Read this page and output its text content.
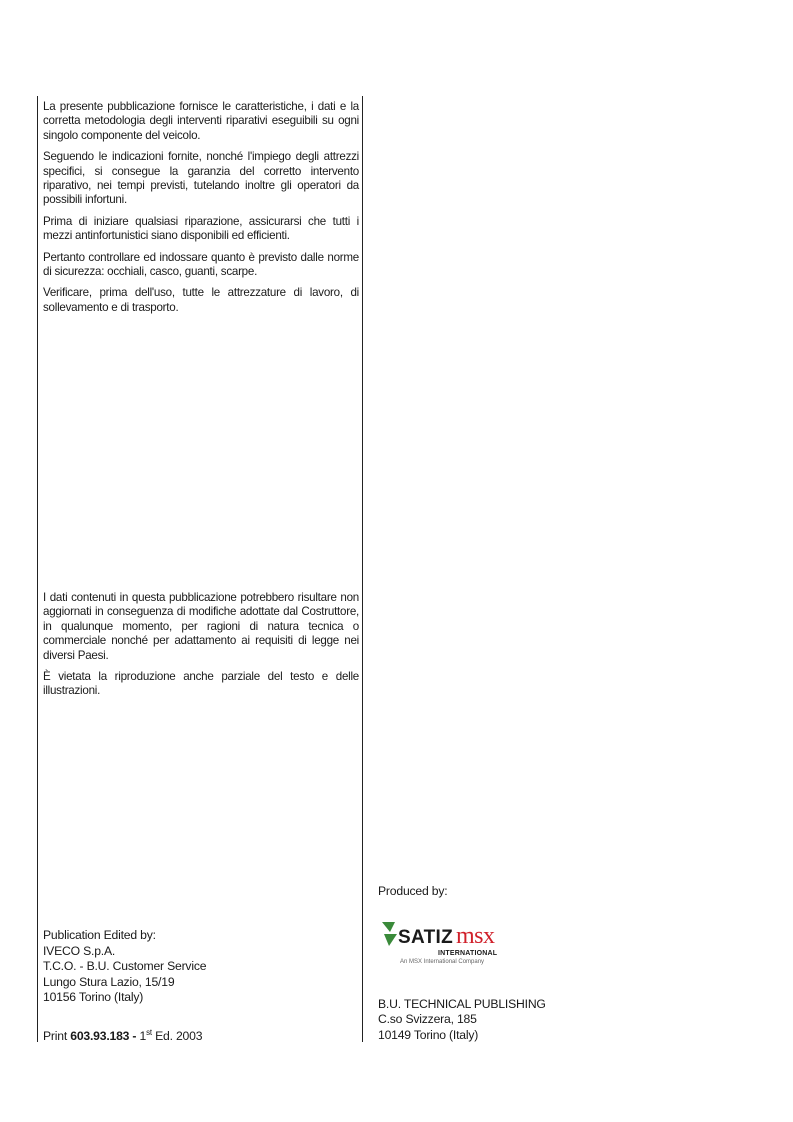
La presente pubblicazione fornisce le caratteristiche, i dati e la corretta metodologia degli interventi riparativi eseguibili su ogni singolo componente del veicolo.

Seguendo le indicazioni fornite, nonché l'impiego degli attrezzi specifici, si consegue la garanzia del corretto intervento riparativo, nei tempi previsti, tutelando inoltre gli operatori da possibili infortuni.

Prima di iniziare qualsiasi riparazione, assicurarsi che tutti i mezzi antinfortunistici siano disponibili ed efficienti.

Pertanto controllare ed indossare quanto è previsto dalle norme di sicurezza: occhiali, casco, guanti, scarpe.

Verificare, prima dell'uso, tutte le attrezzature di lavoro, di sollevamento e di trasporto.

I dati contenuti in questa pubblicazione potrebbero risultare non aggiornati in conseguenza di modifiche adottate dal Costruttore, in qualunque momento, per ragioni di natura tecnica o commerciale nonché per adattamento ai requisiti di legge nei diversi Paesi.

È vietata la riproduzione anche parziale del testo e delle illustrazioni.

Publication Edited by:
IVECO S.p.A.
T.C.O. - B.U. Customer Service
Lungo Stura Lazio, 15/19
10156 Torino (Italy)
Print 603.93.183 - 1st Ed. 2003
Produced by:
SATIZ msx
INTERNATIONAL
An MSX International Company
B.U. TECHNICAL PUBLISHING
C.so Svizzera, 185
10149 Torino (Italy)
